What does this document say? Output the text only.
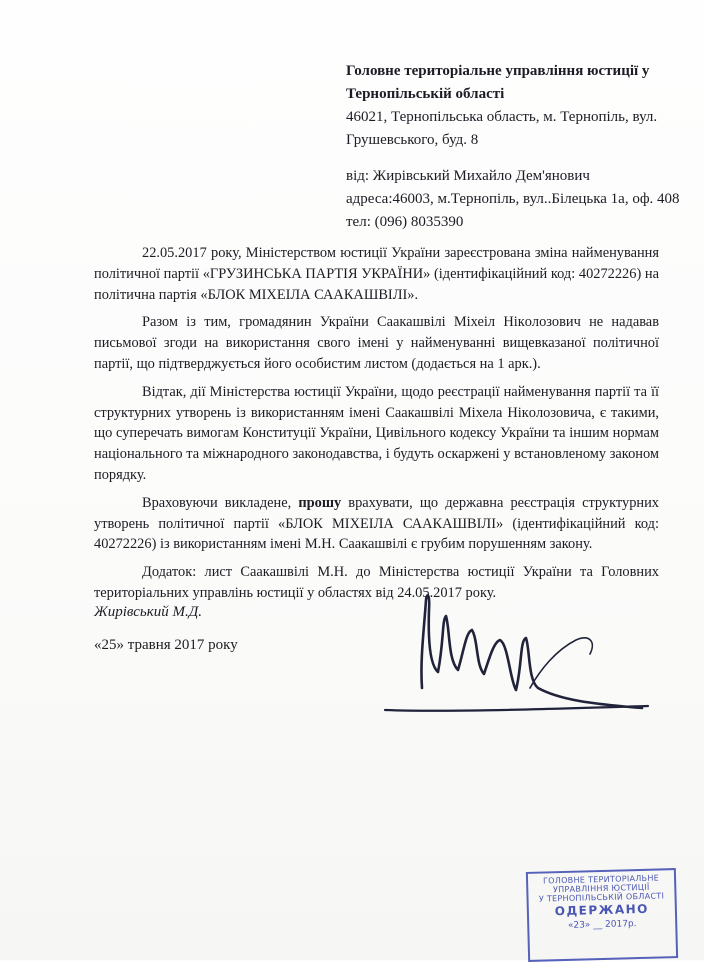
Головне територіальне управління юстиції у
Тернопільській області
46021, Тернопільська область, м. Тернопіль, вул.
Грушевського, буд. 8
від: Жирівський Михайло Дем'янович
адреса:46003, м.Тернопіль, вул..Білецька 1а, оф. 408
тел: (096) 8035390

22.05.2017 року, Міністерством юстиції України зареєстрована зміна найменування політичної партії «ГРУЗИНСЬКА ПАРТІЯ УКРАЇНИ» (ідентифікаційний код: 40272226) на політична партія «БЛОК МІХЕІЛА СААКАШВІЛІ».

Разом із тим, громадянин України Саакашвілі Міхеіл Нікoлозович не надавав письмової згоди на використання свого імені у найменуванні вищевказаної політичної партії, що підтверджується його особистим листом (додається на 1 арк.).

Відтак, дії Міністерства юстиції України, щодо реєстрації найменування партії та її структурних утворень із використанням імені Саакашвілі Міхела Нікoлозовича, є такими, що суперечать вимогам Конституції України, Цивільного кодексу України та іншим нормам національного та міжнародного законодавства, і будуть оскаржені у встановленому законом порядку.

Враховуючи викладене, прошу врахувати, що державна реєстрація структурних утворень політичної партії «БЛОК МІХЕІЛА СААКАШВІЛІ» (ідентифікаційний код: 40272226) із використанням імені М.Н. Саакашвілі є грубим порушенням закону.

Додаток: лист Саакашвілі М.Н. до Міністерства юстиції України та Головних територіальних управлінь юстиції у областях від 24.05.2017 року.

Жирівський М.Д.
«25» травня 2017 року
ГОЛОВНЕ ТЕРИТОРІАЛЬНЕ
УПРАВЛІННЯ ЮСТИЦІЇ
У ТЕРНОПІЛЬСЬКІЙ ОБЛАСТІ
ОДЕРЖАНО
«23» __ 2017р.
